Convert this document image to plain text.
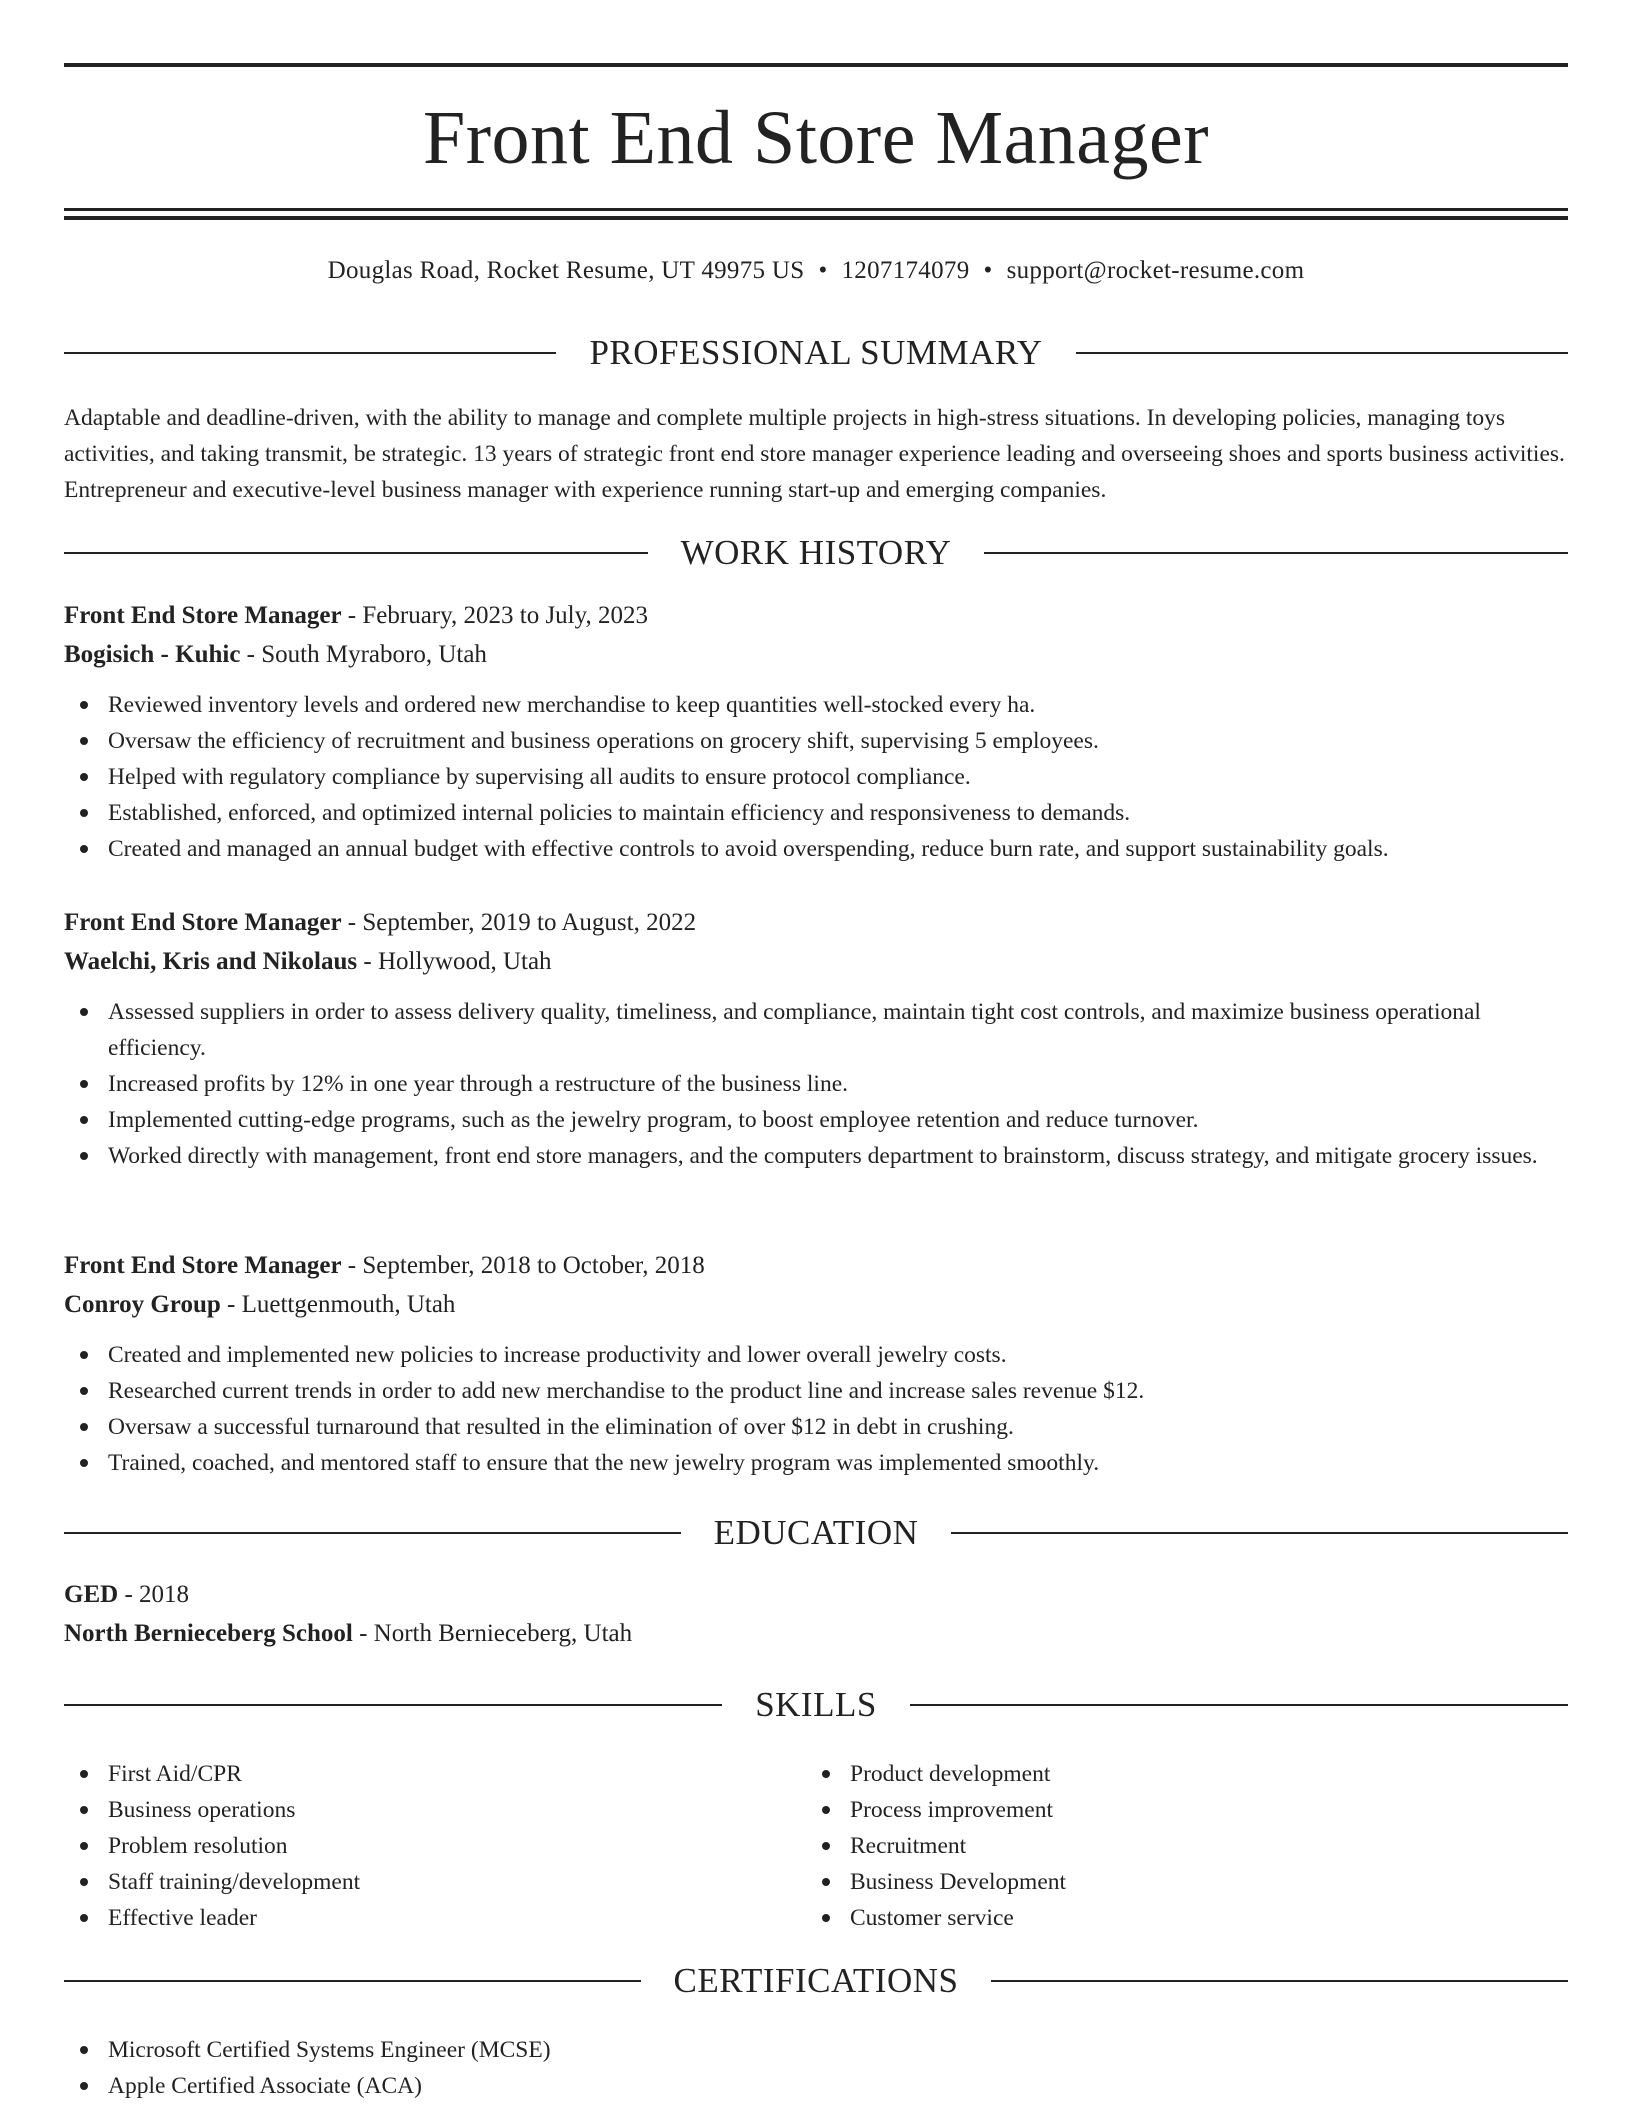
Front End Store Manager
Douglas Road, Rocket Resume, UT 49975 US • 1207174079 • support@rocket-resume.com
PROFESSIONAL SUMMARY
Adaptable and deadline-driven, with the ability to manage and complete multiple projects in high-stress situations. In developing policies, managing toys activities, and taking transmit, be strategic. 13 years of strategic front end store manager experience leading and overseeing shoes and sports business activities. Entrepreneur and executive-level business manager with experience running start-up and emerging companies.
WORK HISTORY
Front End Store Manager - February, 2023 to July, 2023
Bogisich - Kuhic - South Myraboro, Utah
Reviewed inventory levels and ordered new merchandise to keep quantities well-stocked every ha.
Oversaw the efficiency of recruitment and business operations on grocery shift, supervising 5 employees.
Helped with regulatory compliance by supervising all audits to ensure protocol compliance.
Established, enforced, and optimized internal policies to maintain efficiency and responsiveness to demands.
Created and managed an annual budget with effective controls to avoid overspending, reduce burn rate, and support sustainability goals.
Front End Store Manager - September, 2019 to August, 2022
Waelchi, Kris and Nikolaus - Hollywood, Utah
Assessed suppliers in order to assess delivery quality, timeliness, and compliance, maintain tight cost controls, and maximize business operational efficiency.
Increased profits by 12% in one year through a restructure of the business line.
Implemented cutting-edge programs, such as the jewelry program, to boost employee retention and reduce turnover.
Worked directly with management, front end store managers, and the computers department to brainstorm, discuss strategy, and mitigate grocery issues.
Front End Store Manager - September, 2018 to October, 2018
Conroy Group - Luettgenmouth, Utah
Created and implemented new policies to increase productivity and lower overall jewelry costs.
Researched current trends in order to add new merchandise to the product line and increase sales revenue $12.
Oversaw a successful turnaround that resulted in the elimination of over $12 in debt in crushing.
Trained, coached, and mentored staff to ensure that the new jewelry program was implemented smoothly.
EDUCATION
GED - 2018
North Bernieceberg School - North Bernieceberg, Utah
SKILLS
First Aid/CPR
Business operations
Problem resolution
Staff training/development
Effective leader
Product development
Process improvement
Recruitment
Business Development
Customer service
CERTIFICATIONS
Microsoft Certified Systems Engineer (MCSE)
Apple Certified Associate (ACA)
